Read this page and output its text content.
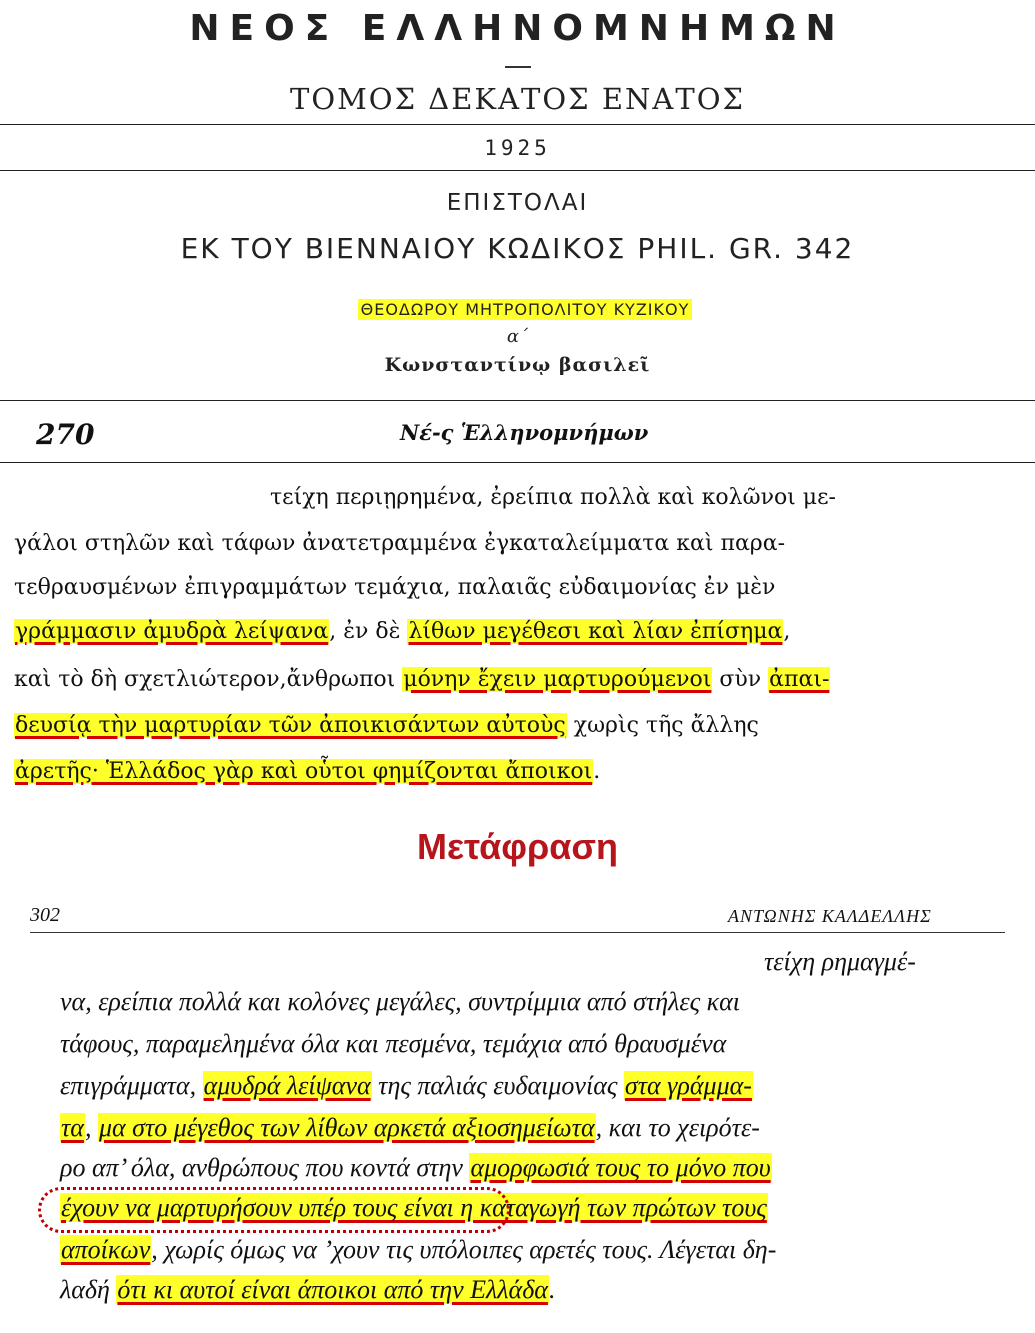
ΝΕΟΣ ΕΛΛΗΝΟΜΝΗΜΩΝ
ΤΟΜΟΣ ΔΕΚΑΤΟΣ ΕΝΑΤΟΣ
1925
ΕΠΙΣΤΟΛΑΙ
ΕΚ ΤΟΥ ΒΙΕΝΝΑΙΟΥ ΚΩΔΙΚΟΣ PHIL. GR. 342
ΘΕΟΔΩΡΟΥ ΜΗΤΡΟΠΟΛΙΤΟΥ ΚΥΖΙΚΟΥ
α΄
Κωνσταντίνῳ βασιλεῖ
270	Νέ-ς Ἑλληνομνήμων
τείχη περιῃρημένα, ἐρείπια πολλὰ καὶ κολῶνοι με-
γάλοι στηλῶν καὶ τάφων ἀνατετραμμένα ἐγκαταλείμματα καὶ παρα-
τεθραυσμένων ἐπιγραμμάτων τεμάχια, παλαιᾶς εὐδαιμονίας ἐν μὲν
γράμμασιν ἀμυδρὰ λείψανα, ἐν δὲ λίθων μεγέθεσι καὶ λίαν ἐπίσημα,
καὶ τὸ δὴ σχετλιώτερον,ἄνθρωποι μόνην ἔχειν μαρτυρούμενοι σὺν ἀπαι-
δευσίᾳ τὴν μαρτυρίαν τῶν ἀποικισάντων αὐτοὺς χωρὶς τῆς ἄλλης
ἀρετῆς· Ἑλλάδος γὰρ καὶ οὗτοι φημίζονται ἄποικοι.
Μετάφραση
302	ΑΝΤΩΝΗΣ ΚΑΛΔΕΛΛΗΣ
τείχη ρημαγμέ-
να, ερείπια πολλά και κολόνες μεγάλες, συντρίμμια από στήλες και
τάφους, παραμελημένα όλα και πεσμένα, τεμάχια από θραυσμένα
επιγράμματα, αμυδρά λείψανα της παλιάς ευδαιμονίας στα γράμμα-
τα, μα στο μέγεθος των λίθων αρκετά αξιοσημείωτα, και το χειρότε-
ρο απ’ όλα, ανθρώπους που κοντά στην αμορφωσιά τους το μόνο που
έχουν να μαρτυρήσουν υπέρ τους είναι η καταγωγή των πρώτων τους
αποίκων, χωρίς όμως να ’χουν τις υπόλοιπες αρετές τους. Λέγεται δη-
λαδή ότι κι αυτοί είναι άποικοι από την Ελλάδα.
